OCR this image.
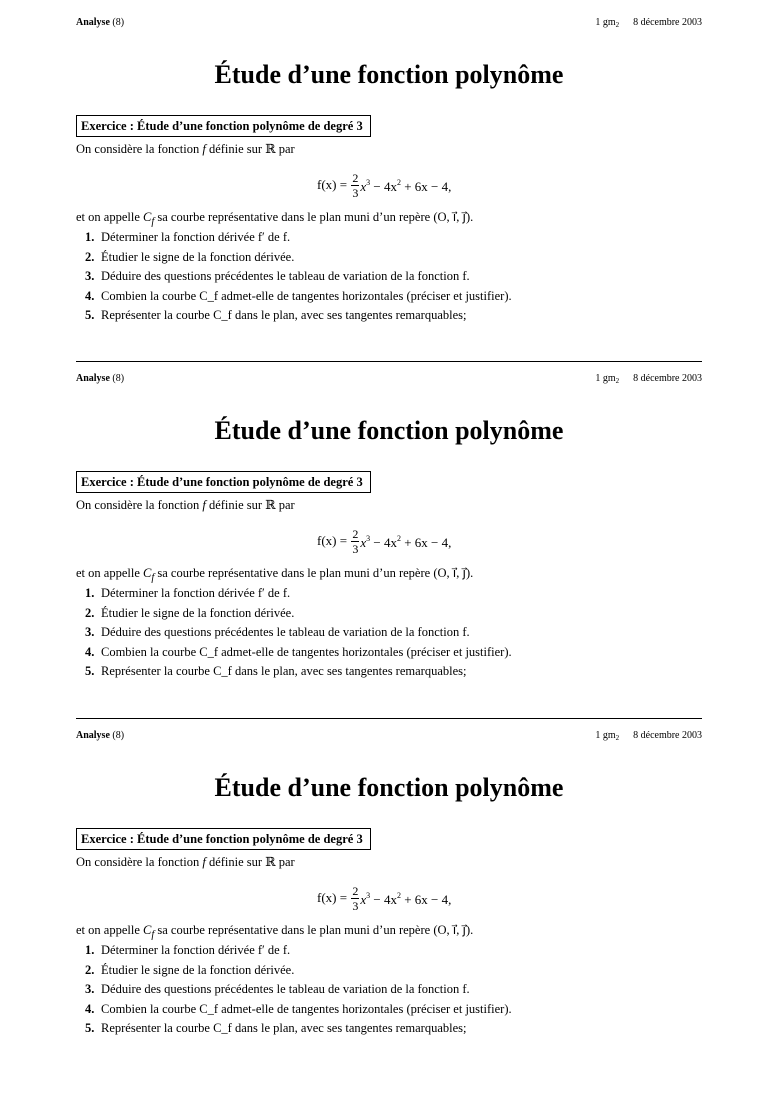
Analyse (8)	1 $gm_2$ 8 décembre 2003
Étude d’une fonction polynôme
Exercice : Étude d’une fonction polynôme de degré 3
On considère la fonction f définie sur ℝ par
$f(x) = \frac{2}{3} x^3 - 4x^2 + 6x - 4$,
et on appelle $C_f$ sa courbe représentative dans le plan muni d’un repère (O, ı⃗, ȷ⃗).
1. Déterminer la fonction dérivée f′ de f.
2. Étudier le signe de la fonction dérivée.
3. Déduire des questions précédentes le tableau de variation de la fonction f.
4. Combien la courbe C_f admet-elle de tangentes horizontales (préciser et justifier).
5. Représenter la courbe C_f dans le plan, avec ses tangentes remarquables;
Analyse (8)	1 $gm_2$ 8 décembre 2003
Étude d’une fonction polynôme
Exercice : Étude d’une fonction polynôme de degré 3
On considère la fonction f définie sur ℝ par
$f(x) = \frac{2}{3} x^3 - 4x^2 + 6x - 4$,
et on appelle $C_f$ sa courbe représentative dans le plan muni d’un repère (O, ı⃗, ȷ⃗).
1. Déterminer la fonction dérivée f′ de f.
2. Étudier le signe de la fonction dérivée.
3. Déduire des questions précédentes le tableau de variation de la fonction f.
4. Combien la courbe C_f admet-elle de tangentes horizontales (préciser et justifier).
5. Représenter la courbe C_f dans le plan, avec ses tangentes remarquables;
Analyse (8)	1 $gm_2$ 8 décembre 2003
Étude d’une fonction polynôme
Exercice : Étude d’une fonction polynôme de degré 3
On considère la fonction f définie sur ℝ par
$f(x) = \frac{2}{3} x^3 - 4x^2 + 6x - 4$,
et on appelle $C_f$ sa courbe représentative dans le plan muni d’un repère (O, ı⃗, ȷ⃗).
1. Déterminer la fonction dérivée f′ de f.
2. Étudier le signe de la fonction dérivée.
3. Déduire des questions précédentes le tableau de variation de la fonction f.
4. Combien la courbe C_f admet-elle de tangentes horizontales (préciser et justifier).
5. Représenter la courbe C_f dans le plan, avec ses tangentes remarquables;
